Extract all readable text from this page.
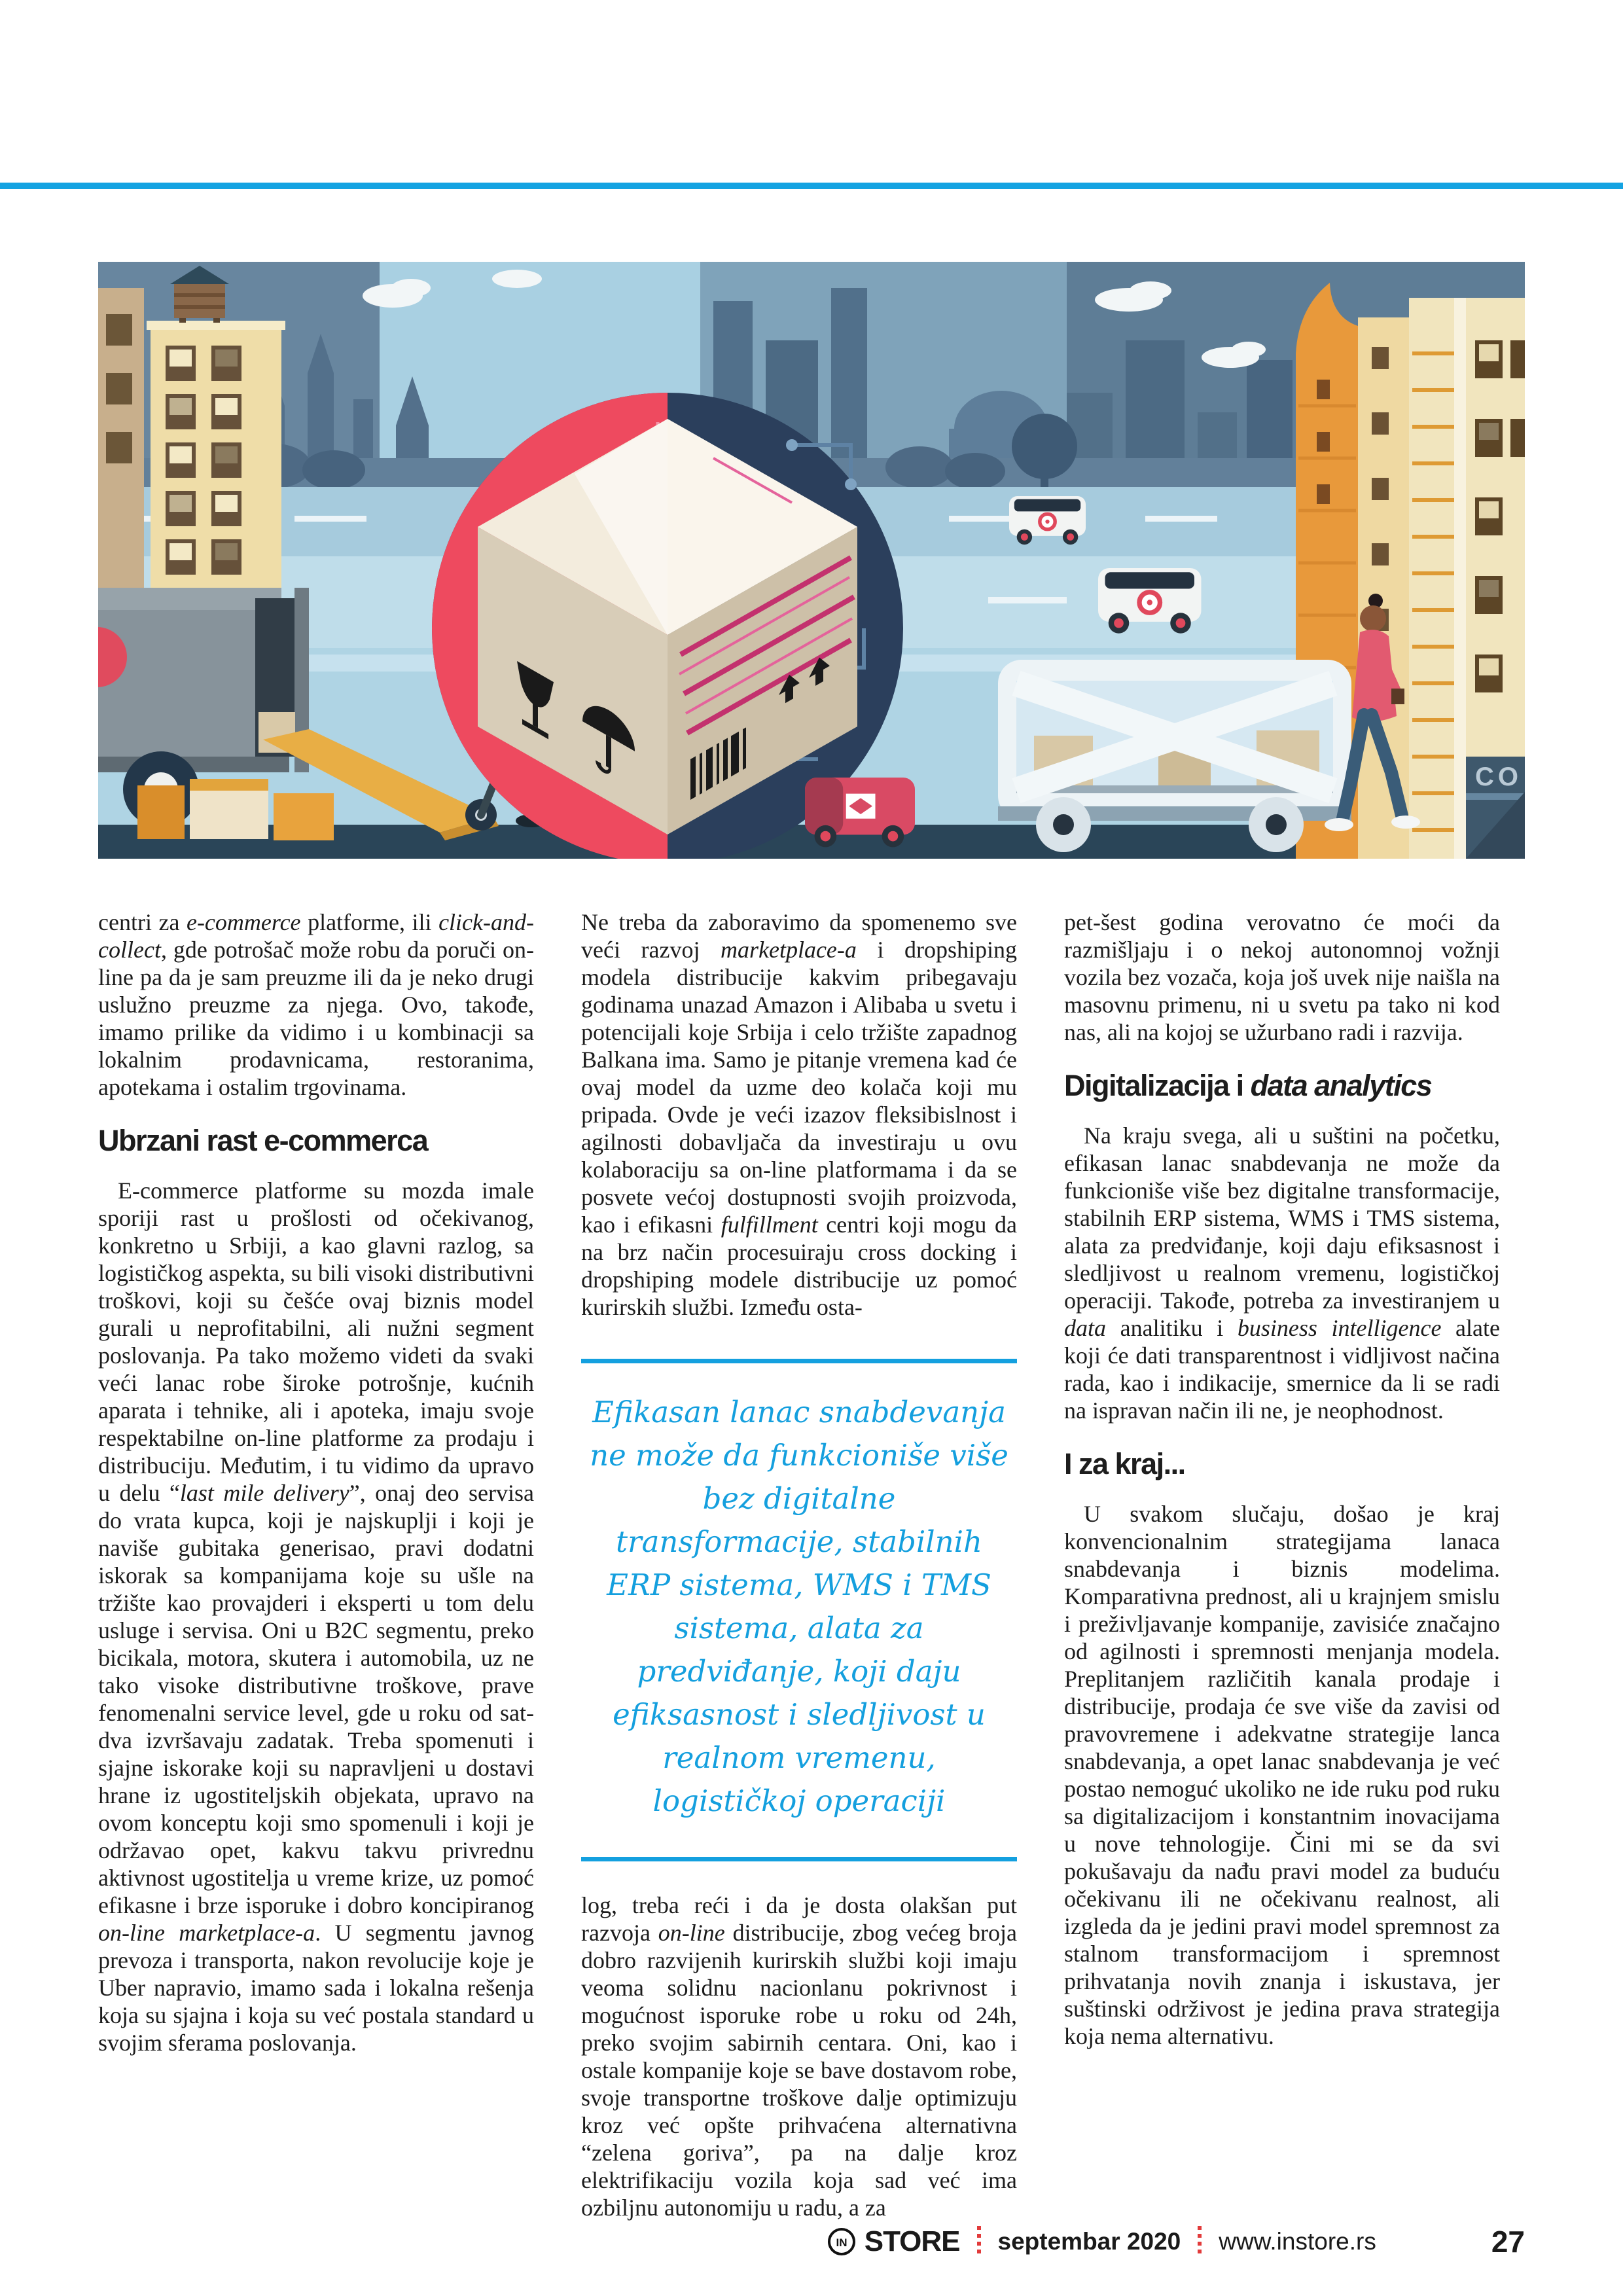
CO

centri za e-commerce platforme, ili click-and-collect, gde potrošač može robu da poruči on-line pa da je sam preuzme ili da je neko drugi uslužno preuzme za njega. Ovo, takođe, imamo prilike da vidimo i u kombinacji sa lokalnim prodavnicama, restoranima, apotekama i ostalim trgovinama.

Ubrzani rast e-commerca

E-commerce platforme su mozda imale sporiji rast u prošlosti od očekivanog, konkretno u Srbiji, a kao glavni razlog, sa logističkog aspekta, su bili visoki distributivni troškovi, koji su češće ovaj biznis model gurali u neprofitabilni, ali nužni segment poslovanja. Pa tako možemo videti da svaki veći lanac robe široke potrošnje, kućnih aparata i tehnike, ali i apoteka, imaju svoje respektabilne on-line platforme za prodaju i distribuciju. Međutim, i tu vidimo da upravo u delu “last mile delivery”, onaj deo servisa do vrata kupca, koji je najskuplji i koji je naviše gubitaka generisao, pravi dodatni iskorak sa kompanijama koje su ušle na tržište kao provajderi i eksperti u tom delu usluge i servisa. Oni u B2C segmentu, preko bicikala, motora, skutera i automobila, uz ne tako visoke distributivne troškove, prave fenomenalni service level, gde u roku od sat-dva izvršavaju zadatak. Treba spomenuti i sjajne iskorake koji su napravljeni u dostavi hrane iz ugostiteljskih objekata, upravo na ovom konceptu koji smo spomenuli i koji je održavao opet, kakvu takvu privrednu aktivnost ugostitelja u vreme krize, uz pomoć efikasne i brze isporuke i dobro koncipiranog on-line marketplace-a. U segmentu javnog prevoza i transporta, nakon revolucije koje je Uber napravio, imamo sada i lokalna rešenja koja su sjajna i koja su već postala standard u svojim sferama poslovanja.

Ne treba da zaboravimo da spomenemo sve veći razvoj marketplace-a i dropshiping modela distribucije kakvim pribegavaju godinama unazad Amazon i Alibaba u svetu i potencijali koje Srbija i celo tržište zapadnog Balkana ima. Samo je pitanje vremena kad će ovaj model da uzme deo kolača koji mu pripada. Ovde je veći izazov fleksibislnost i agilnosti dobavljača da investiraju u ovu kolaboraciju sa on-line platformama i da se posvete većoj dostupnosti svojih proizvoda, kao i efikasni fulfillment centri koji mogu da na brz način procesuiraju cross docking i dropshiping modele distribucije uz pomoć kurirskih službi. Između osta-

Efikasan lanac snabdevanja ne može da funkcioniše više bez digitalne transformacije, stabilnih ERP sistema, WMS i TMS sistema, alata za predviđanje, koji daju efiksasnost i sledljivost u realnom vremenu, logističkoj operaciji

log, treba reći i da je dosta olakšan put razvoja on-line distribucije, zbog većeg broja dobro razvijenih kurirskih službi koji imaju veoma solidnu nacionlanu pokrivnost i mogućnost isporuke robe u roku od 24h, preko svojim sabirnih centara. Oni, kao i ostale kompanije koje se bave dostavom robe, svoje transportne troškove dalje optimizuju kroz već opšte prihvaćena alternativna “zelena goriva”, pa na dalje kroz elektrifikaciju vozila koja sad već ima ozbiljnu autonomiju u radu, a za

pet-šest godina verovatno će moći da razmišljaju i o nekoj autonomnoj vožnji vozila bez vozača, koja još uvek nije naišla na masovnu primenu, ni u svetu pa tako ni kod nas, ali na kojoj se užurbano radi i razvija.

Digitalizacija i data analytics

Na kraju svega, ali u suštini na početku, efikasan lanac snabdevanja ne može da funkcioniše više bez digitalne transformacije, stabilnih ERP sistema, WMS i TMS sistema, alata za predviđanje, koji daju efiksasnost i sledljivost u realnom vremenu, logističkoj operaciji. Takođe, potreba za investiranjem u data analitiku i business intelligence alate koji će dati transparentnost i vidljivost načina rada, kao i indikacije, smernice da li se radi na ispravan način ili ne, je neophodnost.

I za kraj...

U svakom slučaju, došao je kraj konvencionalnim strategijama lanaca snabdevanja i biznis modelima. Komparativna prednost, ali u krajnjem smislu i preživljavanje kompanije, zavisiće značajno od agilnosti i spremnosti menjanja modela. Preplitanjem različitih kanala prodaje i distribucije, prodaja će sve više da zavisi od pravovremene i adekvatne strategije lanca snabdevanja, a opet lanac snabdevanja je već postao nemoguć ukoliko ne ide ruku pod ruku sa digitalizacijom i konstantnim inovacijama u nove tehnologije. Čini mi se da svi pokušavaju da nađu pravi model za buduću očekivanu ili ne očekivanu realnost, ali izgleda da je jedini pravi model spremnost za stalnom transformacijom i spremnost prihvatanja novih znanja i iskustava, jer suštinski održivost je jedina prava strategija koja nema alternativu.

IN STORE septembar 2020 www.instore.rs	27
